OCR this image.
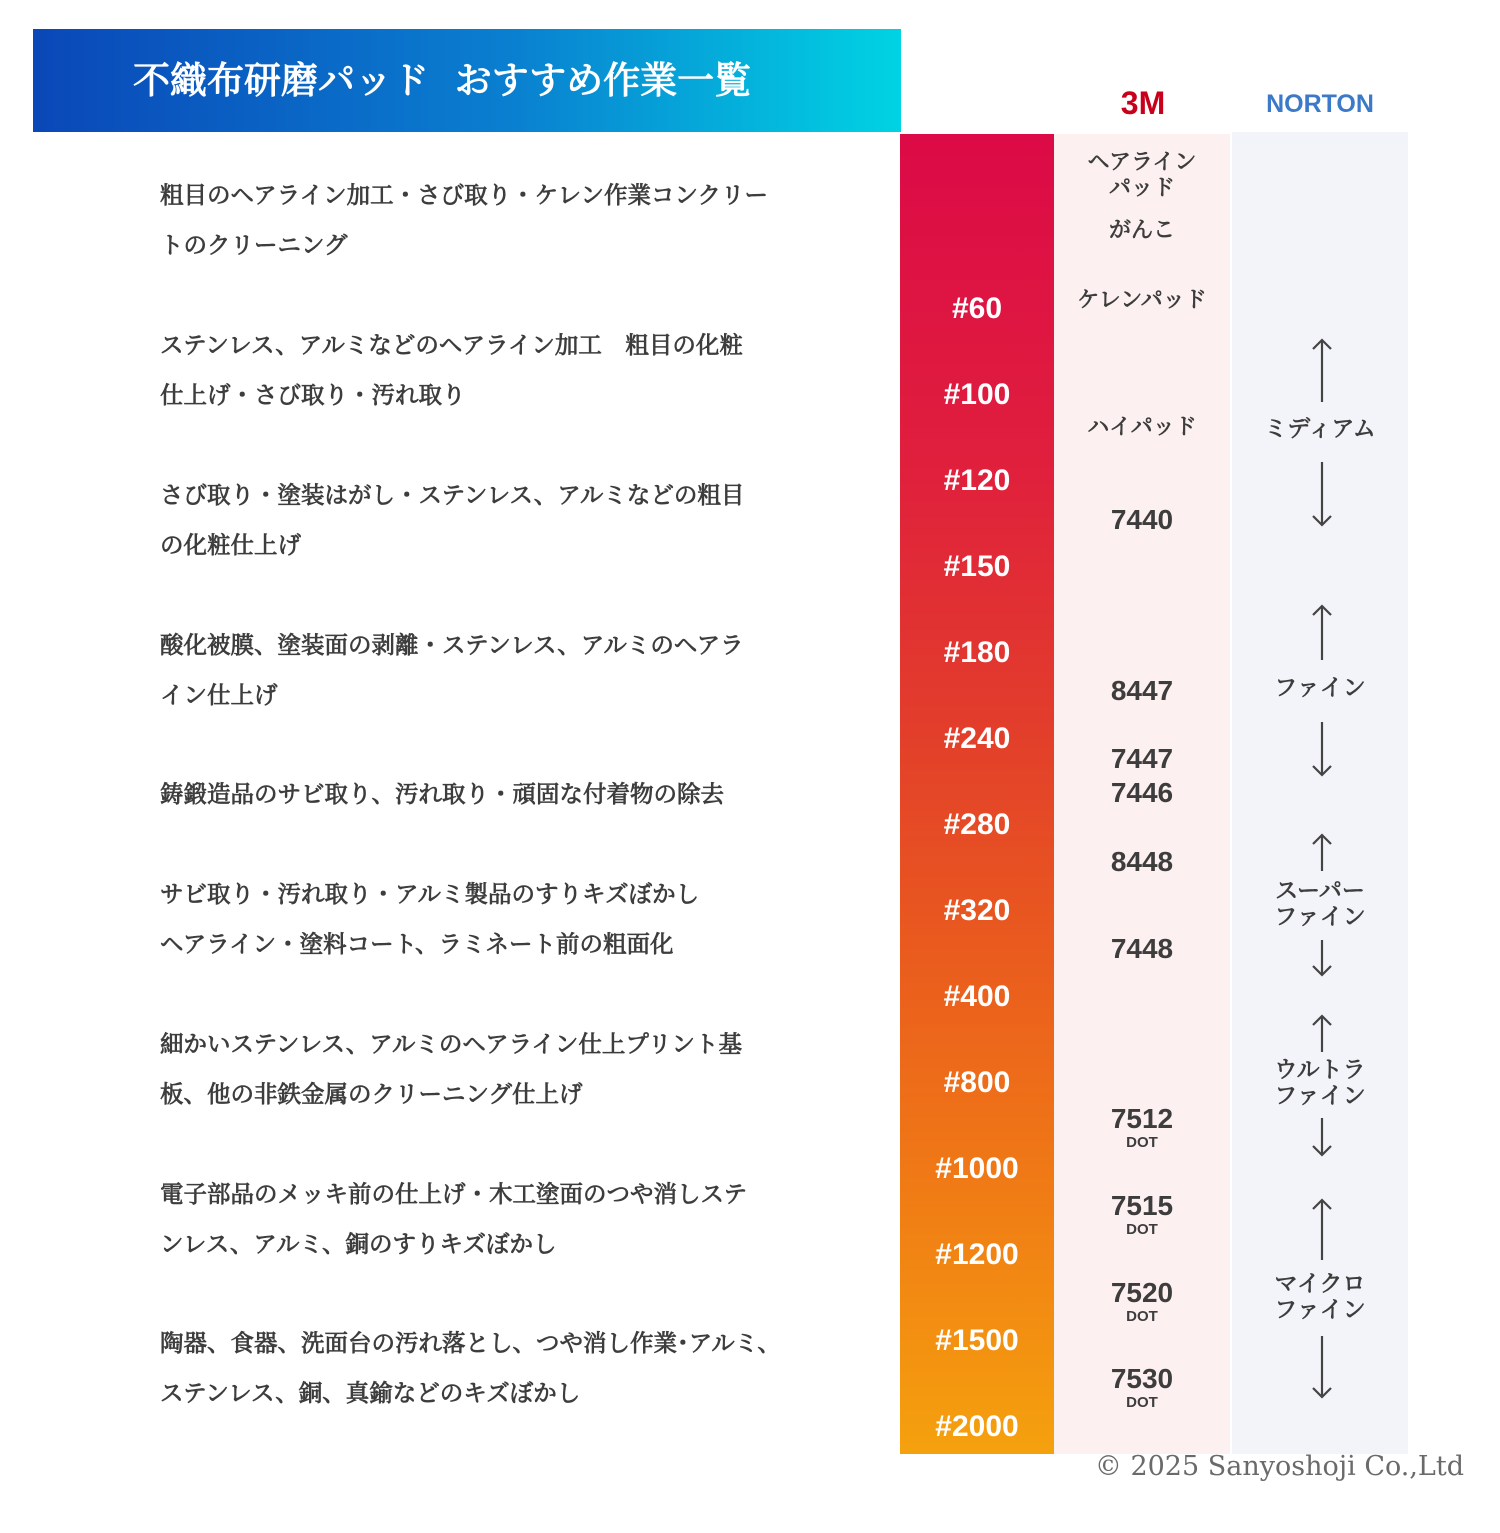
不織布研磨パッド  おすすめ作業一覧
3M	NORTON
#60
#100
#120
#150
#180
#240
#280
#320
#400
#800
#1000
#1200
#1500
#2000
#3000
粗目のヘアライン加工・さび取り・ケレン作業コンクリー
トのクリーニング
ステンレス、アルミなどのヘアライン加工　粗目の化粧
仕上げ・さび取り・汚れ取り
さび取り・塗装はがし・ステンレス、アルミなどの粗目
の化粧仕上げ
酸化被膜、塗装面の剥離・ステンレス、アルミのヘアラ
イン仕上げ
鋳鍛造品のサビ取り、汚れ取り・頑固な付着物の除去
サビ取り・汚れ取り・アルミ製品のすりキズぼかし
ヘアライン・塗料コート、ラミネート前の粗面化
細かいステンレス、アルミのヘアライン仕上プリント基
板、他の非鉄金属のクリーニング仕上げ
電子部品のメッキ前の仕上げ・木工塗面のつや消しステ
ンレス、アルミ、銅のすりキズぼかし
陶器、食器、洗面台の汚れ落とし、つや消し作業･アルミ、
ステンレス、銅、真鍮などのキズぼかし
ヘアライン
パッド
がんこ
ケレンパッド
ハイパッド
7440
8447
7447
7446
8448
7448
7512
DOT
7515
DOT
7520
DOT
7530
DOT
ミディアム
ファイン
スーパー
ファイン
ウルトラ
ファイン
マイクロ
ファイン
© 2025 Sanyoshoji Co.,Ltd
